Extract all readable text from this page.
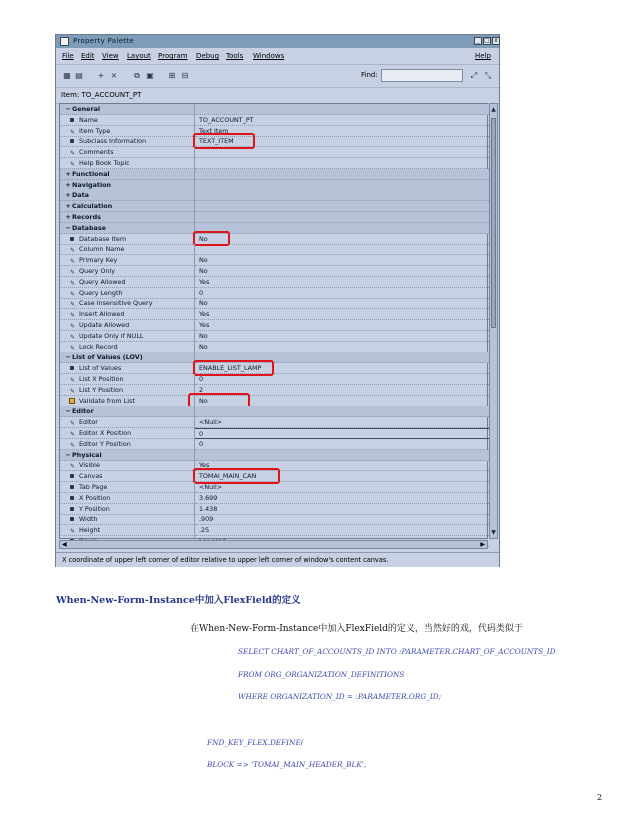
Property Palette	_ □ x
File Edit View Layout Program Debug Tools Windows	Help
▦ ▤ + × ⧉ ▣ ⊞ ⊟	Find:	⤢ ⤡
Item: TO_ACCOUNT_PT
− General
Name	TO_ACCOUNT_PT
✎ Item Type	Text Item
Subclass Information	TEXT_ITEM
✎ Comments
✎ Help Book Topic
+ Functional
+ Navigation
+ Data
+ Calculation
+ Records
− Database
Database Item	No
✎ Column Name
✎ Primary Key	No
✎ Query Only	No
✎ Query Allowed	Yes
✎ Query Length	0
✎ Case Insensitive Query	No
✎ Insert Allowed	Yes
✎ Update Allowed	Yes
✎ Update Only if NULL	No
✎ Lock Record	No
− List of Values (LOV)
List of Values	ENABLE_LIST_LAMP
✎ List X Position	0
✎ List Y Position	2
Validate from List	No
− Editor
✎ Editor	<Null>
✎ Editor X Position	0
✎ Editor Y Position	0
− Physical
✎ Visible	Yes
Canvas	TOMAI_MAIN_CAN
Tab Page	<Null>
X Position	3.699
Y Position	1.438
Width	.909
✎ Height	.25
▲
▼
◀	▶
X coordinate of upper left corner of editor relative to upper left corner of window's content canvas.
When-New-Form-Instance中加入FlexField的定义
在When-New-Form-Instance中加入FlexField的定义，当然好的戏，代码类似于
SELECT CHART_OF_ACCOUNTS_ID INTO :PARAMETER.CHART_OF_ACCOUNTS_ID
FROM ORG_ORGANIZATION_DEFINITIONS
WHERE ORGANIZATION_ID = :PARAMETER.ORG_ID;
FND_KEY_FLEX.DEFINE(
BLOCK => 'TOMAI_MAIN_HEADER_BLK',
2
